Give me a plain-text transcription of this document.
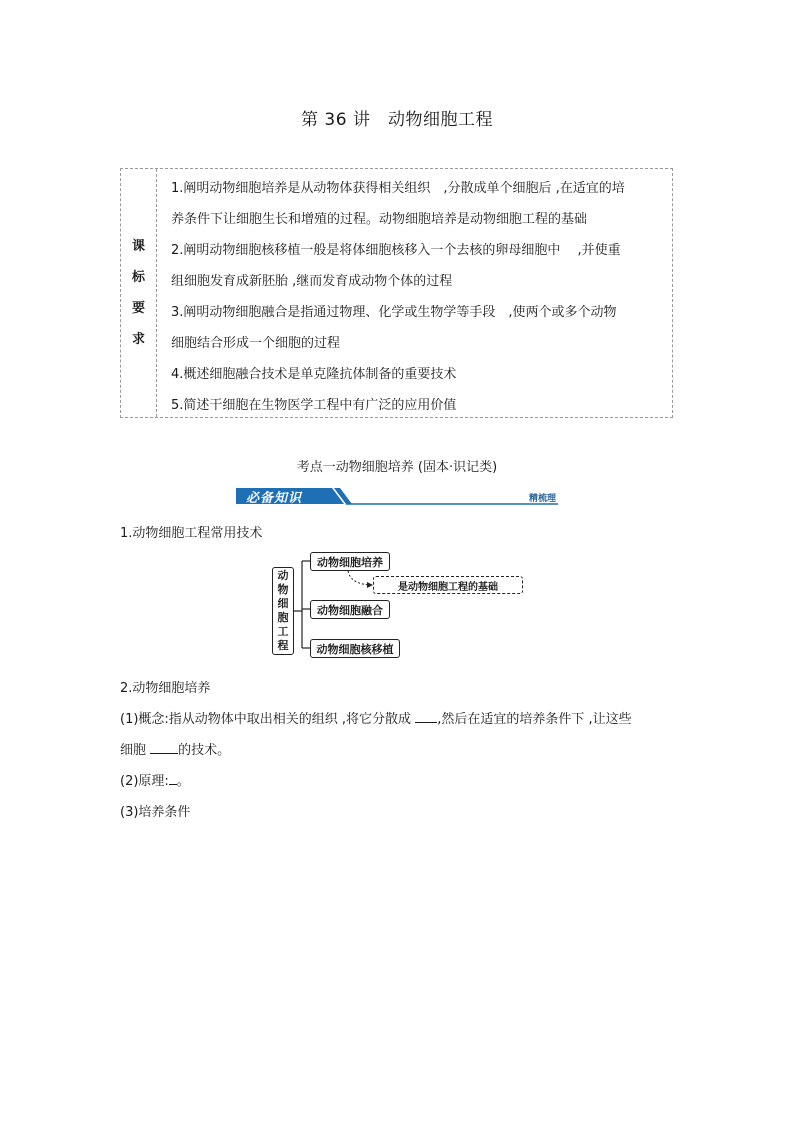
第 36 讲　动物细胞工程
课
标
要
求
1.阐明动物细胞培养是从动物体获得相关组织　,分散成单个细胞后 ,在适宜的培
养条件下让细胞生长和增殖的过程。动物细胞培养是动物细胞工程的基础
2.阐明动物细胞核移植一般是将体细胞核移入一个去核的卵母细胞中　 ,并使重
组细胞发育成新胚胎 ,继而发育成动物个体的过程
3.阐明动物细胞融合是指通过物理、化学或生物学等手段　,使两个或多个动物
细胞结合形成一个细胞的过程
4.概述细胞融合技术是单克隆抗体制备的重要技术
5.简述干细胞在生物医学工程中有广泛的应用价值
考点一动物细胞培养 (固本·识记类)
必备知识	精梳理
1.动物细胞工程常用技术
动
物
细
胞
工
程
动物细胞培养
是动物细胞工程的基础
动物细胞融合
动物细胞核移植
2.动物细胞培养
(1)概念:指从动物体中取出相关的组织 ,将它分散成 ,然后在适宜的培养条件下 ,让这些
细胞 的技术。
(2)原理: 。
(3)培养条件
